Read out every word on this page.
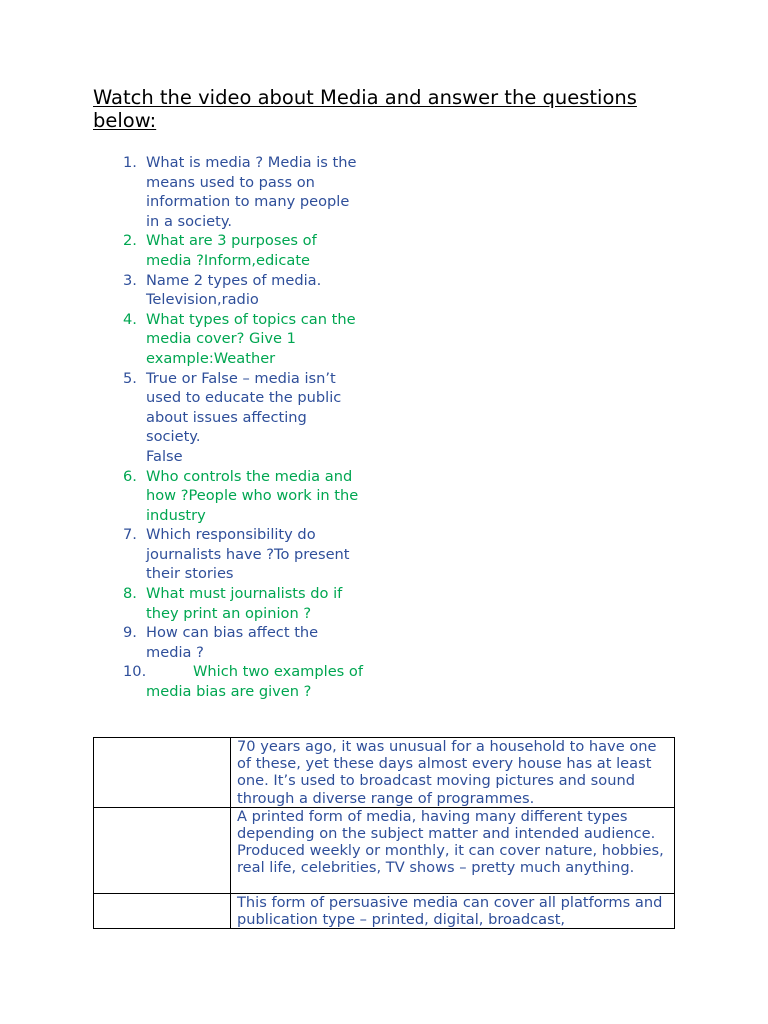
Watch the video about Media and answer the questions below:
1. What is media ? Media is the means used to pass on information to many people in a society.
2. What are 3 purposes of media ?Inform,edicate
3. Name 2 types of media. Television,radio
4. What types of topics can the media cover? Give 1 example:Weather
5. True or False – media isn’t used to educate the public about issues affecting society.
False
6. Who controls the media and how ?People who work in the industry
7. Which responsibility do journalists have ?To present their stories
8. What must journalists do if they print an opinion ?
9. How can bias affect the media ?
10.	Which two examples of media bias are given ?
	70 years ago, it was unusual for a household to have one of these, yet these days almost every house has at least one. It’s used to broadcast moving pictures and sound through a diverse range of programmes.
	A printed form of media, having many different types depending on the subject matter and intended audience. Produced weekly or monthly, it can cover nature, hobbies, real life, celebrities, TV shows – pretty much anything.
	This form of persuasive media can cover all platforms and publication type – printed, digital, broadcast,
